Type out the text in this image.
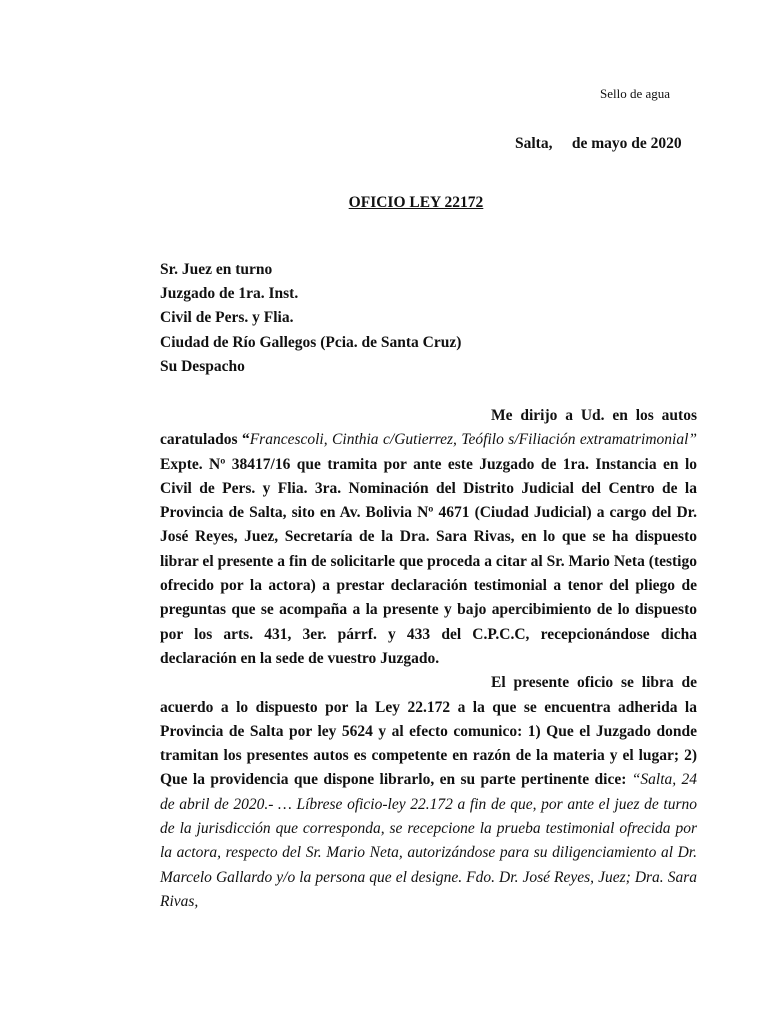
Sello de agua
Salta,     de mayo de 2020
OFICIO LEY 22172
Sr. Juez en turno
Juzgado de 1ra. Inst.
Civil de Pers. y Flia.
Ciudad de Río Gallegos (Pcia. de Santa Cruz)
Su Despacho

Me dirijo a Ud. en los autos caratulados “Francescoli, Cinthia c/Gutierrez, Teófilo s/Filiación extramatrimonial” Expte. Nº 38417/16 que tramita por ante este Juzgado de 1ra. Instancia en lo Civil de Pers. y Flia. 3ra. Nominación del Distrito Judicial del Centro de la Provincia de Salta, sito en Av. Bolivia Nº 4671 (Ciudad Judicial) a cargo del Dr. José Reyes, Juez, Secretaría de la Dra. Sara Rivas, en lo que se ha dispuesto librar el presente a fin de solicitarle que proceda a citar al Sr. Mario Neta (testigo ofrecido por la actora) a prestar declaración testimonial a tenor del pliego de preguntas que se acompaña a la presente y bajo apercibimiento de lo dispuesto por los arts. 431, 3er. párrf. y 433 del C.P.C.C, recepcionándose dicha declaración en la sede de vuestro Juzgado.

El presente oficio se libra de acuerdo a lo dispuesto por la Ley 22.172 a la que se encuentra adherida la Provincia de Salta por ley 5624 y al efecto comunico: 1) Que el Juzgado donde tramitan los presentes autos es competente en razón de la materia y el lugar; 2) Que la providencia que dispone librarlo, en su parte pertinente dice: “Salta, 24 de abril de 2020.- … Líbrese oficio-ley 22.172 a fin de que, por ante el juez de turno de la jurisdicción que corresponda, se recepcione la prueba testimonial ofrecida por la actora, respecto del Sr. Mario Neta, autorizándose para su diligenciamiento al Dr. Marcelo Gallardo y/o la persona que el designe. Fdo. Dr. José Reyes, Juez; Dra. Sara Rivas,
